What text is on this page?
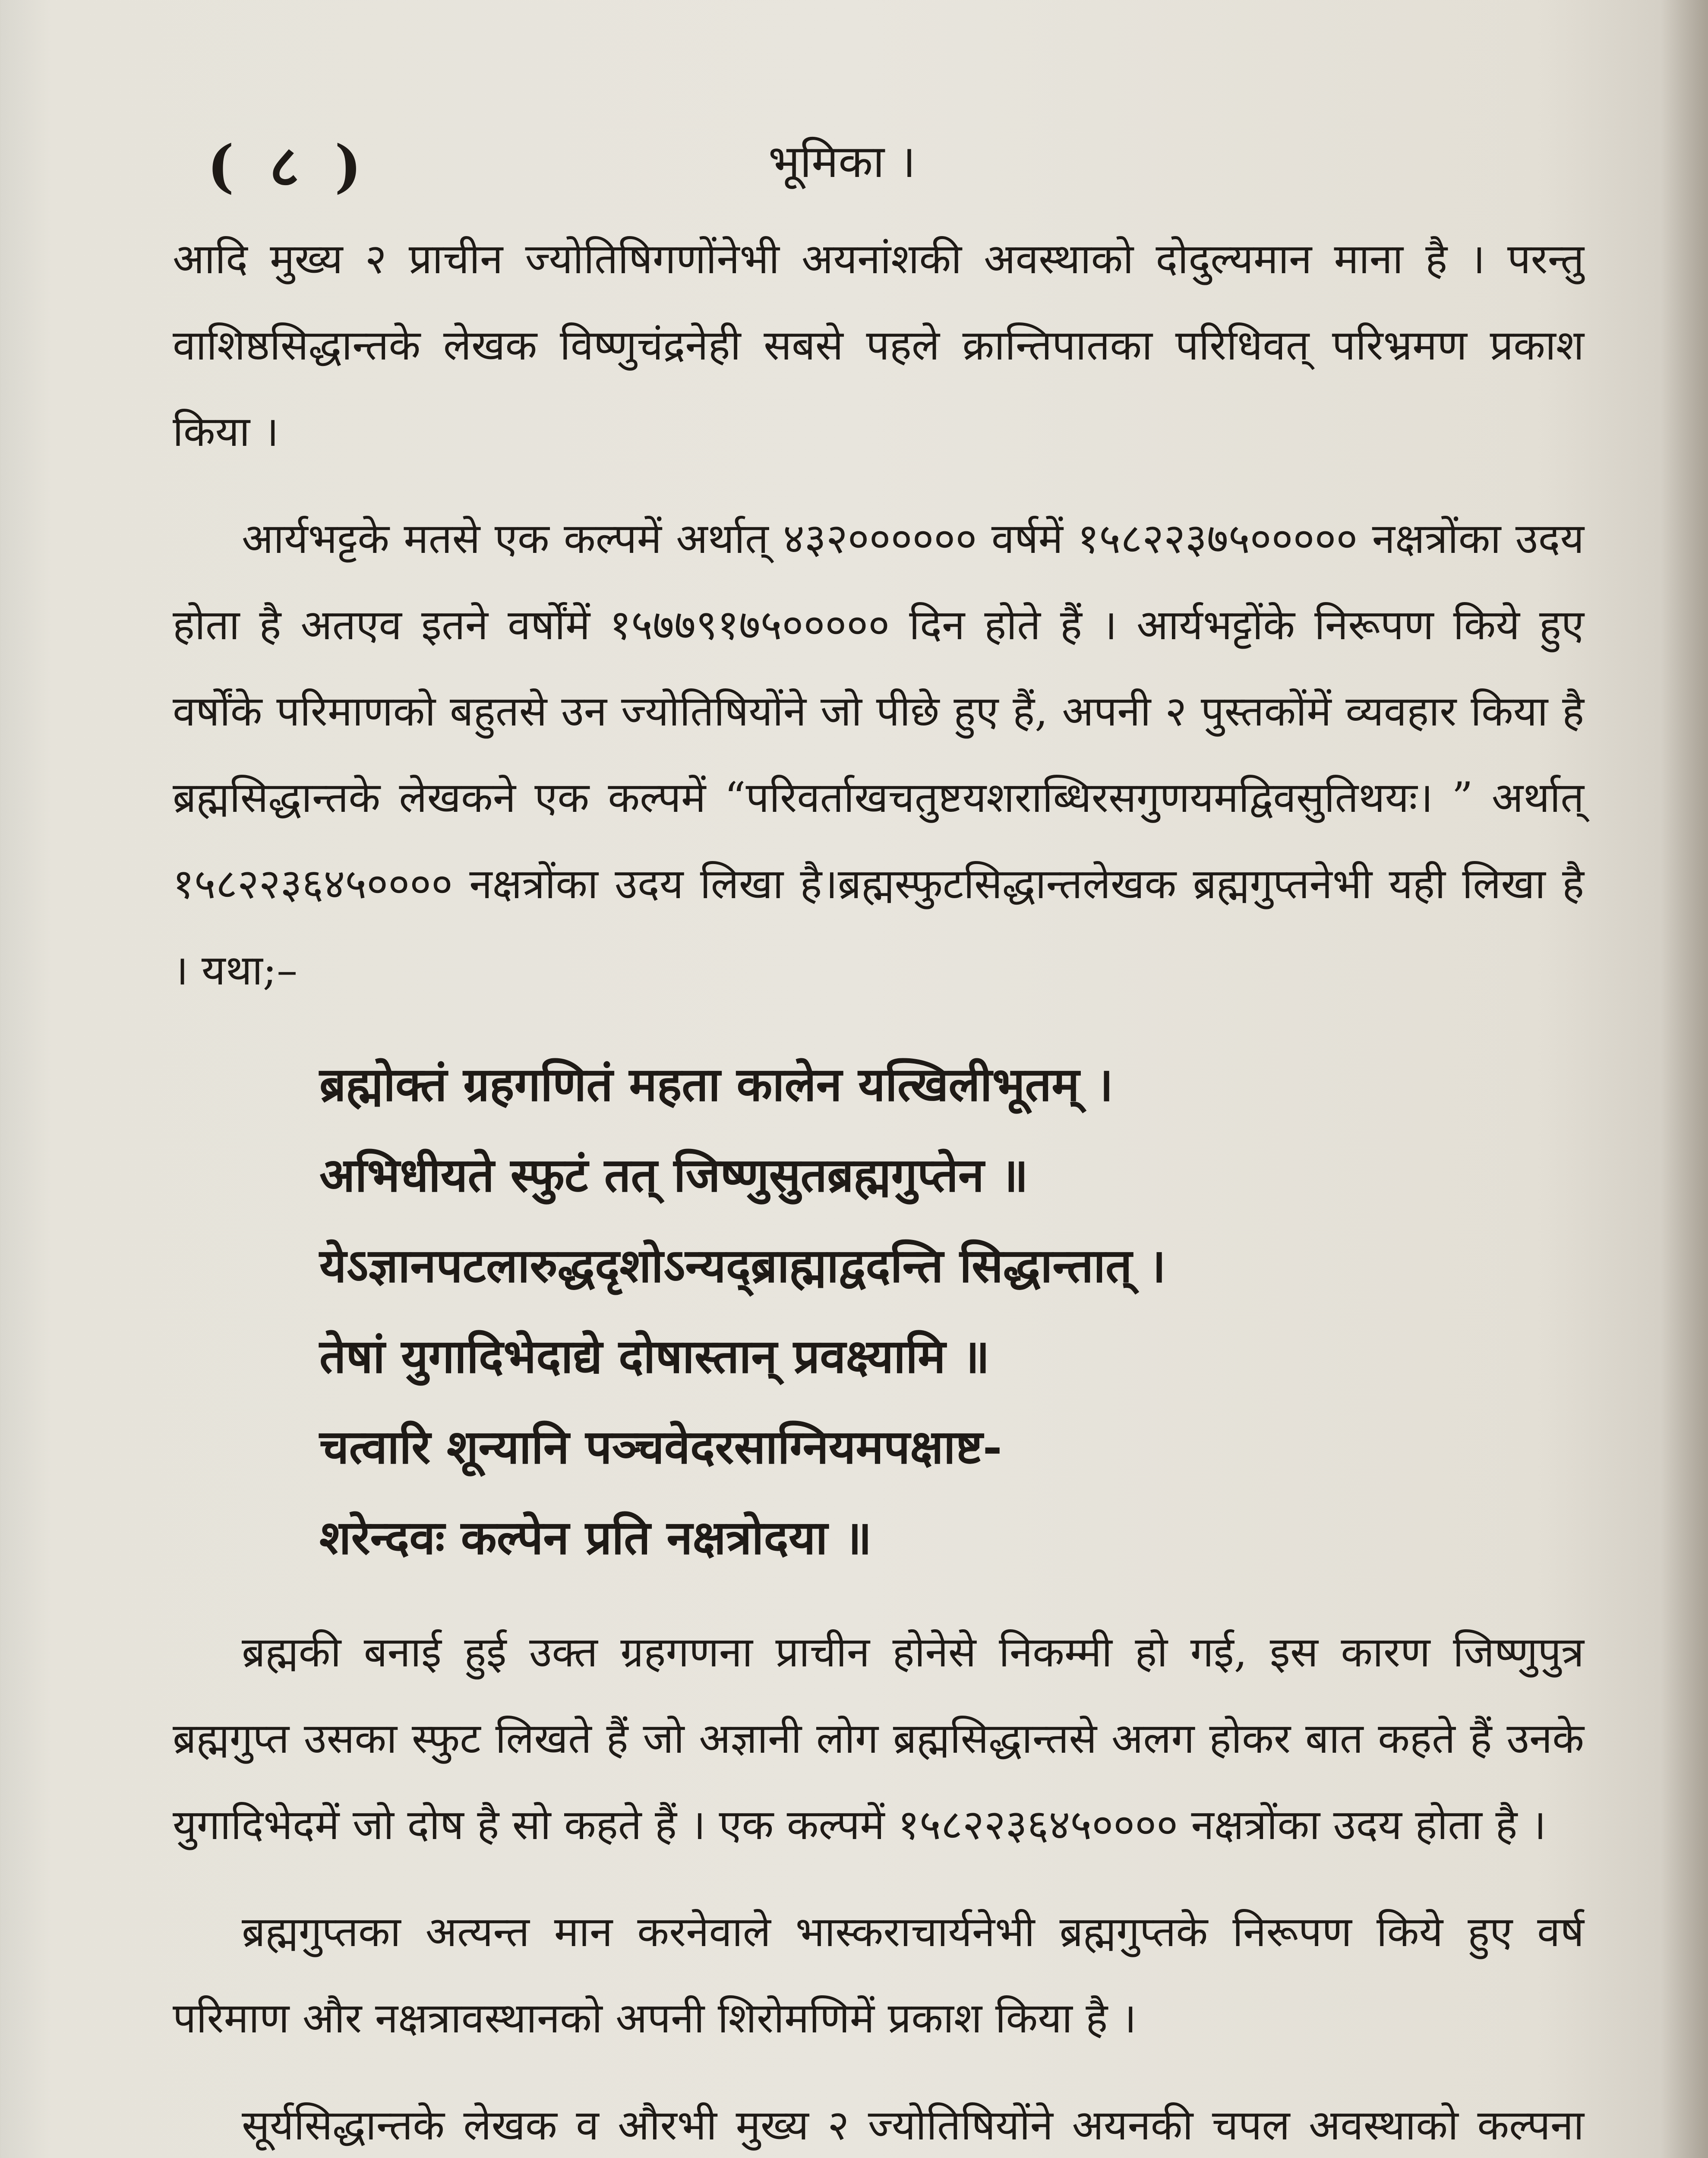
( ८ )	भूमिका ।

आदि मुख्य २ प्राचीन ज्योतिषिगणोंनेभी अयनांशकी अवस्थाको दोदुल्यमान माना है । परन्तु वाशिष्ठसिद्धान्तके लेखक विष्णुचंद्रनेही सबसे पहले क्रान्तिपातका परिधिवत् परिभ्रमण प्रकाश किया ।

आर्यभट्टके मतसे एक कल्पमें अर्थात् ४३२०००००० वर्षमें १५८२२३७५००००० नक्षत्रोंका उदय होता है अतएव इतने वर्षोंमें १५७७९१७५००००० दिन होते हैं । आर्यभट्टोंके निरूपण किये हुए वर्षोंके परिमाणको बहुतसे उन ज्योतिषियोंने जो पीछे हुए हैं, अपनी २ पुस्तकोंमें व्यवहार किया है ब्रह्मसिद्धान्तके लेखकने एक कल्पमें “परिवर्ताखचतुष्टयशराब्धिरसगुणयमद्विवसुतिथयः। ” अर्थात् १५८२२३६४५०००० नक्षत्रोंका उदय लिखा है।ब्रह्मस्फुटसिद्धान्तलेखक ब्रह्मगुप्तनेभी यही लिखा है । यथा;–

ब्रह्मोक्तं ग्रहगणितं महता कालेन यत्खिलीभूतम् ।
अभिधीयते स्फुटं तत् जिष्णुसुतब्रह्मगुप्तेन ॥
येऽज्ञानपटलारुद्धदृशोऽन्यद्ब्राह्माद्वदन्ति सिद्धान्तात् ।
तेषां युगादिभेदाद्ये दोषास्तान् प्रवक्ष्यामि ॥
चत्वारि शून्यानि पञ्चवेदरसाग्नियमपक्षाष्ट-
शरेन्दवः कल्पेन प्रति नक्षत्रोदया ॥

ब्रह्मकी बनाई हुई उक्त ग्रहगणना प्राचीन होनेसे निकम्मी हो गई, इस कारण जिष्णुपुत्र ब्रह्मगुप्त उसका स्फुट लिखते हैं जो अज्ञानी लोग ब्रह्मसिद्धान्तसे अलग होकर बात कहते हैं उनके युगादिभेदमें जो दोष है सो कहते हैं । एक कल्पमें १५८२२३६४५०००० नक्षत्रोंका उदय होता है ।

ब्रह्मगुप्तका अत्यन्त मान करनेवाले भास्कराचार्यनेभी ब्रह्मगुप्तके निरूपण किये हुए वर्ष परिमाण और नक्षत्रावस्थानको अपनी शिरोमणिमें प्रकाश किया है ।

सूर्यसिद्धान्तके लेखक व औरभी मुख्य २ ज्योतिषियोंने अयनकी चपल अवस्थाको कल्पना
